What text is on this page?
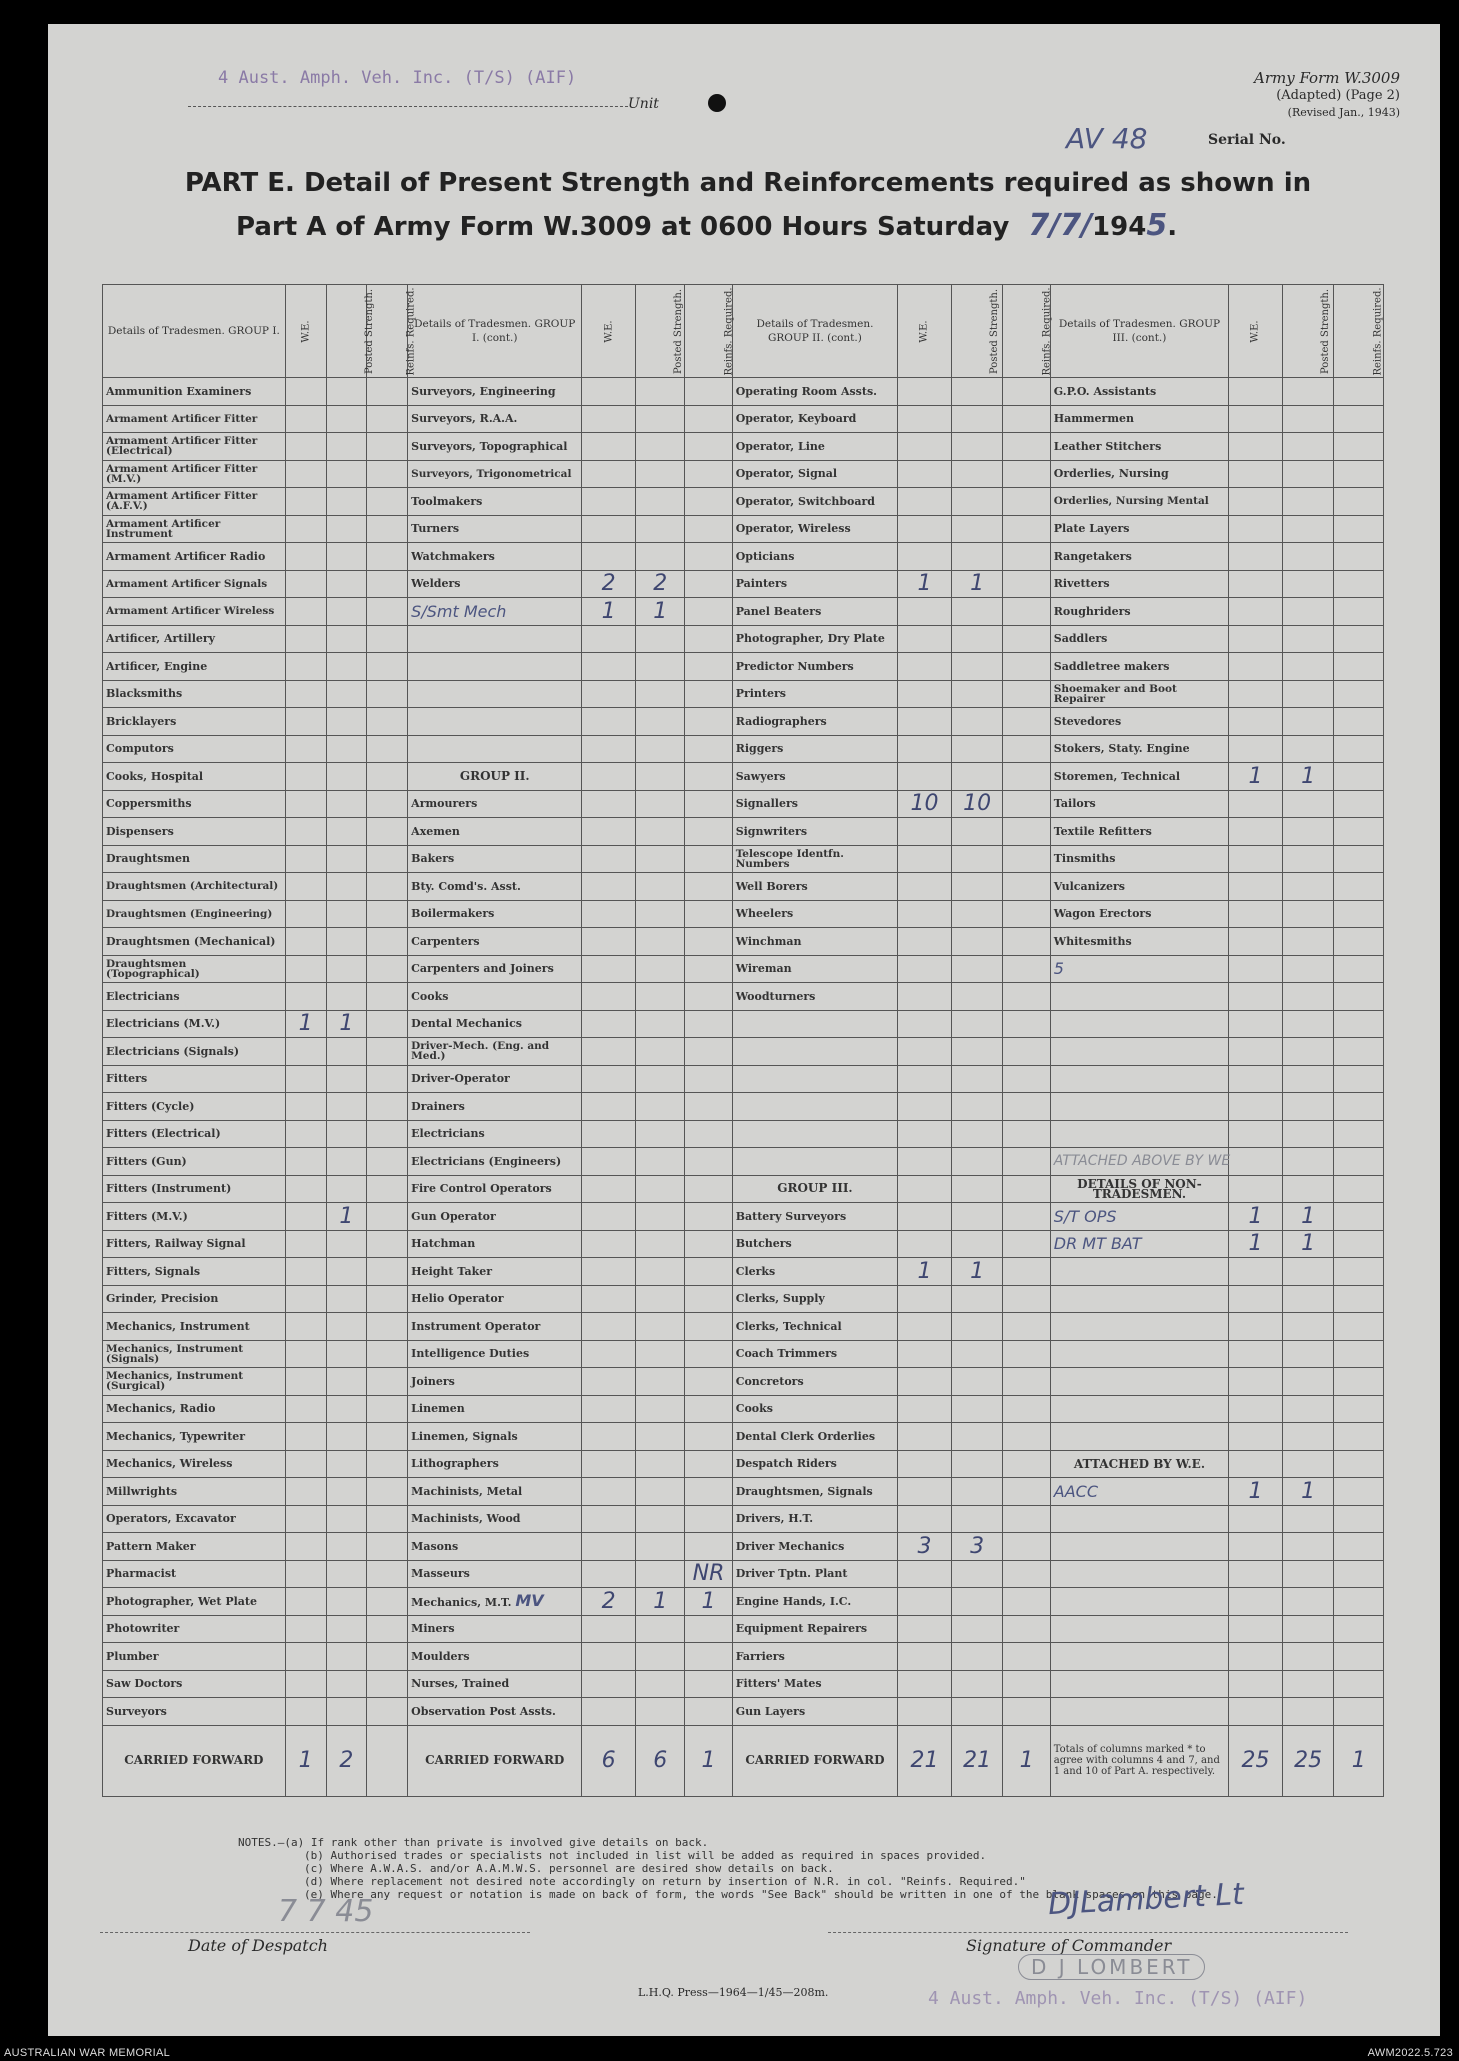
4 Aust. Amph. Veh. Inc. (T/S) (AIF)
Unit
Army Form W.3009
(Adapted) (Page 2)
(Revised Jan., 1943)
AV 48	Serial No.
PART E. Detail of Present Strength and Reinforcements required as shown in
Part A of Army Form W.3009 at 0600 Hours Saturday 7/7/1945.
Details of Tradesmen. GROUP I.	W.E.	Posted Strength.	Reinfs. Required.	Details of Tradesmen. GROUP I. (cont.)	W.E.	Posted Strength.	Reinfs. Required.	Details of Tradesmen. GROUP II. (cont.)	W.E.	Posted Strength.	Reinfs. Required.	Details of Tradesmen. GROUP III. (cont.)	W.E.	Posted Strength.	Reinfs. Required.
Ammunition Examiners				Surveyors, Engineering				Operating Room Assts.				G.P.O. Assistants			
Armament Artificer Fitter				Surveyors, R.A.A.				Operator, Keyboard				Hammermen			
Armament Artificer Fitter (Electrical)				Surveyors, Topographical				Operator, Line				Leather Stitchers			
Armament Artificer Fitter (M.V.)				Surveyors, Trigonometrical				Operator, Signal				Orderlies, Nursing			
Armament Artificer Fitter (A.F.V.)				Toolmakers				Operator, Switchboard				Orderlies, Nursing Mental			
Armament Artificer Instrument				Turners				Operator, Wireless				Plate Layers			
Armament Artificer Radio				Watchmakers				Opticians				Rangetakers			
Armament Artificer Signals				Welders	2	2		Painters	1	1		Rivetters			
Armament Artificer Wireless				S/Smt Mech	1	1		Panel Beaters				Roughriders			
Artificer, Artillery								Photographer, Dry Plate				Saddlers			
Artificer, Engine								Predictor Numbers				Saddletree makers			
Blacksmiths								Printers				Shoemaker and Boot Repairer			
Bricklayers								Radiographers				Stevedores			
Computors								Riggers				Stokers, Staty. Engine			
Cooks, Hospital				GROUP II.				Sawyers				Storemen, Technical	1	1	
Coppersmiths				Armourers				Signallers	10	10		Tailors			
Dispensers				Axemen				Signwriters				Textile Refitters			
Draughtsmen				Bakers				Telescope Identfn. Numbers				Tinsmiths			
Draughtsmen (Architectural)				Bty. Comd's. Asst.				Well Borers				Vulcanizers			
Draughtsmen (Engineering)				Boilermakers				Wheelers				Wagon Erectors			
Draughtsmen (Mechanical)				Carpenters				Winchman				Whitesmiths			
Draughtsmen (Topographical)				Carpenters and Joiners				Wireman				5			
Electricians				Cooks				Woodturners							
Electricians (M.V.)	1	1		Dental Mechanics											
Electricians (Signals)				Driver-Mech. (Eng. and Med.)											
Fitters				Driver-Operator											
Fitters (Cycle)				Drainers											
Fitters (Electrical)				Electricians											
Fitters (Gun)				Electricians (Engineers)								ATTACHED ABOVE BY WE			
Fitters (Instrument)				Fire Control Operators				GROUP III.				DETAILS OF NON-TRADESMEN.			
Fitters (M.V.)		1		Gun Operator				Battery Surveyors				S/T OPS	1	1	
Fitters, Railway Signal				Hatchman				Butchers				DR MT BAT	1	1	
Fitters, Signals				Height Taker				Clerks	1	1					
Grinder, Precision				Helio Operator				Clerks, Supply							
Mechanics, Instrument				Instrument Operator				Clerks, Technical							
Mechanics, Instrument (Signals)				Intelligence Duties				Coach Trimmers							
Mechanics, Instrument (Surgical)				Joiners				Concretors							
Mechanics, Radio				Linemen				Cooks							
Mechanics, Typewriter				Linemen, Signals				Dental Clerk Orderlies							
Mechanics, Wireless				Lithographers				Despatch Riders				ATTACHED BY W.E.			
Millwrights				Machinists, Metal				Draughtsmen, Signals				AACC	1	1	
Operators, Excavator				Machinists, Wood				Drivers, H.T.							
Pattern Maker				Masons				Driver Mechanics	3	3					
Pharmacist				Masseurs			NR	Driver Tptn. Plant							
Photographer, Wet Plate				Mechanics, M.T. MV	2	1	1	Engine Hands, I.C.							
Photowriter				Miners				Equipment Repairers							
Plumber				Moulders				Farriers							
Saw Doctors				Nurses, Trained				Fitters' Mates							
Surveyors				Observation Post Assts.				Gun Layers							
CARRIED FORWARD	1	2		CARRIED FORWARD	6	6	1	CARRIED FORWARD	21	21	1	Totals of columns marked * to agree with columns 4 and 7, and 1 and 10 of Part A. respectively.	25	25	1
NOTES.—(a) If rank other than private is involved give details on back.
(b) Authorised trades or specialists not included in list will be added as required in spaces provided.
(c) Where A.W.A.S. and/or A.A.M.W.S. personnel are desired show details on back.
(d) Where replacement not desired note accordingly on return by insertion of N.R. in col. "Reinfs. Required."
(e) Where any request or notation is made on back of form, the words "See Back" should be written in one of the blank spaces on this page.
7 7 45
Date of Despatch
DJLambert Lt
Signature of Commander
D J LOMBERT
L.H.Q. Press—1964—1/45—208m.	4 Aust. Amph. Veh. Inc. (T/S) (AIF)
AUSTRALIAN WAR MEMORIAL	AWM2022.5.723
